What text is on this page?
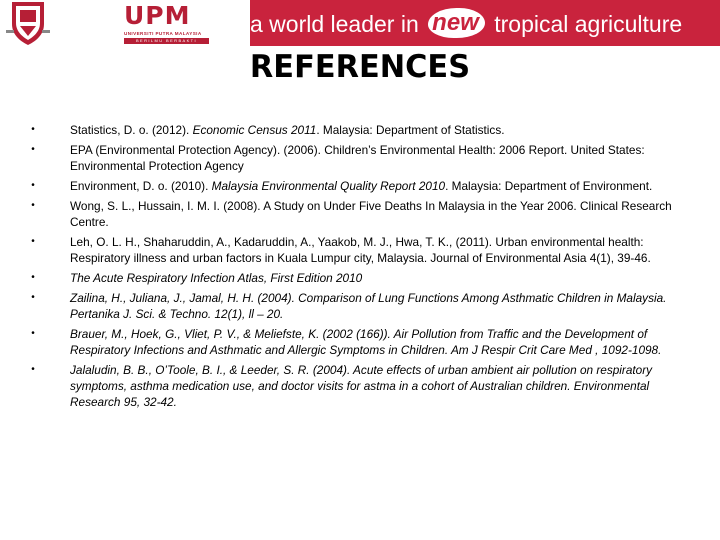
UPM
UNIVERSITI PUTRA MALAYSIA
BERILMU BERBAKTI
a world leader in new tropical agriculture
REFERENCES
•	Statistics, D. o. (2012). Economic Census 2011. Malaysia: Department of Statistics.
•	EPA (Environmental Protection Agency). (2006). Children’s Environmental Health: 2006 Report. United States: Environmental Protection Agency
•	Environment, D. o. (2010). Malaysia Environmental Quality Report 2010. Malaysia: Department of Environment.
•	Wong, S. L., Hussain, I. M. I. (2008). A Study on Under Five Deaths In Malaysia in the Year 2006. Clinical Research Centre.
•	Leh, O. L. H., Shaharuddin, A., Kadaruddin, A., Yaakob, M. J., Hwa, T. K., (2011). Urban environmental health: Respiratory illness and urban factors in Kuala Lumpur city, Malaysia. Journal of Environmental Asia 4(1), 39-46.
•	The Acute Respiratory Infection Atlas, First Edition 2010
•	Zailina, H., Juliana, J., Jamal, H. H. (2004). Comparison of Lung Functions Among Asthmatic Children in Malaysia. Pertanika J. Sci. & Techno. 12(1), ll – 20.
•	Brauer, M., Hoek, G., Vliet, P. V., & Meliefste, K. (2002 (166)). Air Pollution from Traffic and the Development of Respiratory Infections and Asthmatic and Allergic Symptoms in Children. Am J Respir Crit Care Med , 1092-1098.
•	Jalaludin, B. B., O’Toole, B. I., & Leeder, S. R. (2004). Acute effects of urban ambient air pollution on respiratory symptoms, asthma medication use, and doctor visits for astma in a cohort of Australian children. Environmental Research 95, 32-42.
